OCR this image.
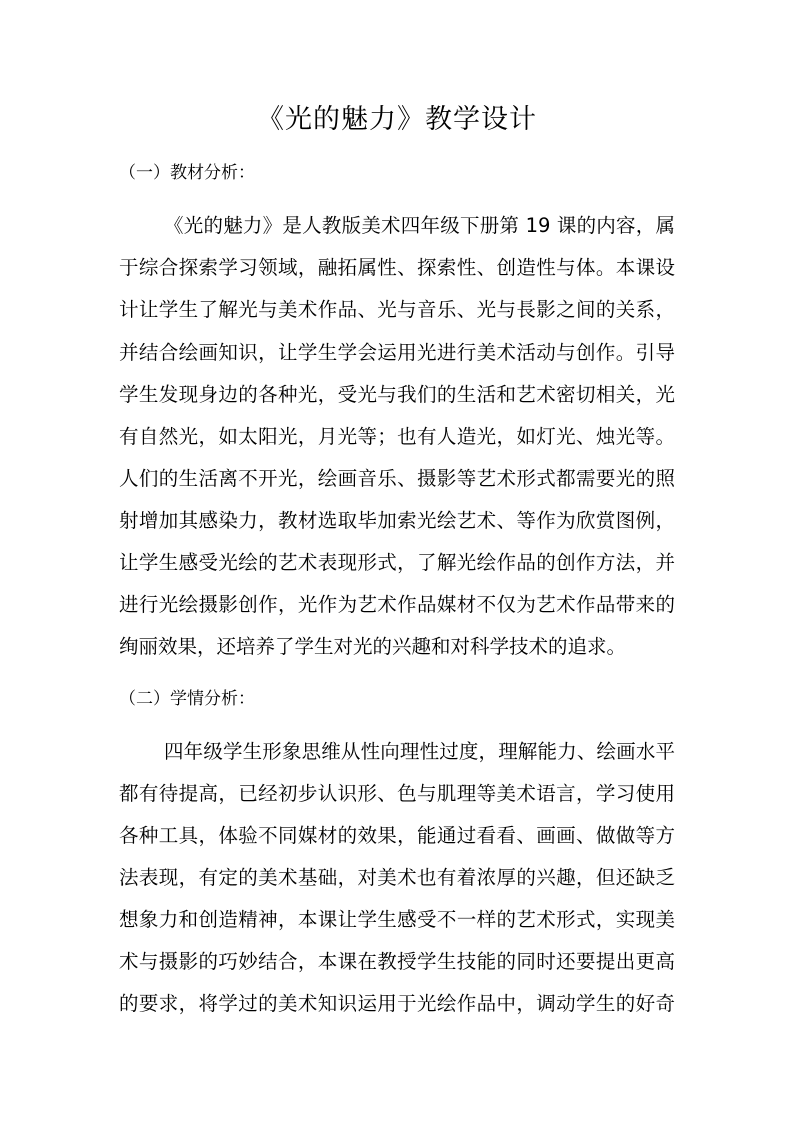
《光的魅力》教学设计
（一）教材分析：
《光的魅力》是人教版美术四年级下册第 19 课的内容，属
于综合探索学习领域，融拓属性、探索性、创造性与体。本课设
计让学生了解光与美术作品、光与音乐、光与長影之间的关系，
并结合绘画知识，让学生学会运用光进行美术活动与创作。引导
学生发现身边的各种光，受光与我们的生活和艺术密切相关，光
有自然光，如太阳光，月光等；也有人造光，如灯光、烛光等。
人们的生活离不开光，绘画音乐、摄影等艺术形式都需要光的照
射增加其感染力，教材选取毕加索光绘艺术、等作为欣赏图例，
让学生感受光绘的艺术表现形式，了解光绘作品的创作方法，并
进行光绘摄影创作，光作为艺术作品媒材不仅为艺术作品带来的
绚丽效果，还培养了学生对光的兴趣和对科学技术的追求。
（二）学情分析：
四年级学生形象思维从性向理性过度，理解能力、绘画水平
都有待提高，已经初步认识形、色与肌理等美术语言，学习使用
各种工具，体验不同媒材的效果，能通过看看、画画、做做等方
法表现，有定的美术基础，对美术也有着浓厚的兴趣，但还缺乏
想象力和创造精神，本课让学生感受不一样的艺术形式，实现美
术与摄影的巧妙结合，本课在教授学生技能的同时还要提出更高
的要求，将学过的美术知识运用于光绘作品中，调动学生的好奇
